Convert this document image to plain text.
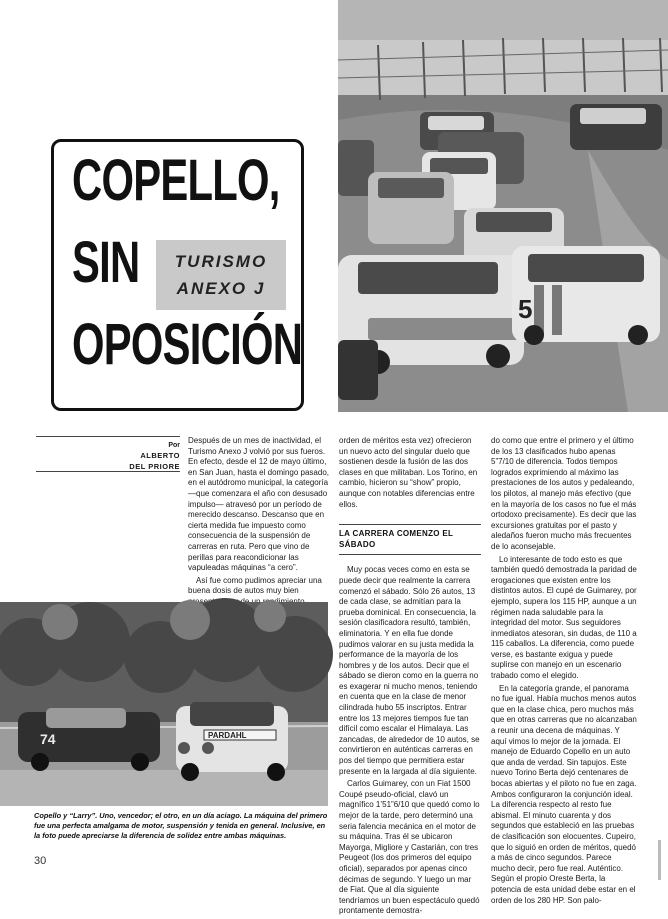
5
COPELLO,
SIN	TURISMO
ANEXO J
OPOSICIÓN
Por
ALBERTO
DEL PRIORE

Después de un mes de inactividad, el Turismo Anexo J volvió por sus fueros. En efecto, desde el 12 de mayo último, en San Juan, hasta el domingo pasado, en el autódromo municipal, la categoría —que comenzara el año con desusado impulso— atravesó por un período de merecido descanso. Descanso que en cierta medida fue impuesto como consecuencia de la suspensión de carreras en ruta. Pero que vino de perillas para reacondicionar las vapuleadas máquinas “a cero”.

Así fue como pudimos apreciar una buena dosis de autos muy bien

orden de méritos esta vez) ofrecieron un nuevo acto del singular duelo que sostienen desde la fusión de las dos clases en que militaban. Los Torino, en cambio, hicieron su “show” propio, aunque con notables diferencias entre ellos.

LA CARRERA COMENZO EL SÁBADO

Muy pocas veces como en esta se puede decir que realmente la carrera comenzó el sábado. Sólo 26 autos, 13 de cada clase, se admitían para la prueba dominical. En consecuencia, la sesión clasificadora resultó, también, eliminatoria. Y en ella fue donde pudimos valorar en su justa medida la performance de la mayoría de los hombres y de los autos. Decir que el sábado se dieron como en la guerra no es exagerar ni mucho menos, teniendo en cuenta que en la clase de menor cilindrada hubo 55 inscriptos. Entrar entre los 13 mejores tiempos fue tan difícil como escalar el Himalaya. Las zancadas, de alrededor de 10 autos, se convirtieron en auténticas carreras en pos del tiempo que permitiera estar presente en la largada al día siguiente.

Carlos Guimarey, con un Fiat 1500 Coupé pseudo-oficial, clavó un magnífico 1’51”6/10 que quedó como lo mejor de la tarde, pero determinó una seria falencia mecánica en el motor de su máquina. Tras él se ubicaron Mayorga, Migliore y Castarián, con tres Peugeot (los dos primeros del equipo oficial), separados por apenas cinco décimas de segundo. Y luego un mar de Fiat. Que al día siguiente tendríamos un buen espectáculo quedó prontamente demostra-

do como que entre el primero y el último de los 13 clasificados hubo apenas 5”7/10 de diferencia. Todos tiempos logrados exprimiendo al máximo las prestaciones de los autos y pedaleando, los pilotos, al manejo más efectivo (que en la mayoría de los casos no fue el más ortodoxo precisamente). Es decir que las excursiones gratuitas por el pasto y aledaños fueron mucho más frecuentes de lo aconsejable.

Lo interesante de todo esto es que también quedó demostrada la paridad de erogaciones que existen entre los distintos autos. El cupé de Guimarey, por ejemplo, supera los 115 HP, aunque a un régimen nada saludable para la integridad del motor. Sus seguidores inmediatos atesoran, sin dudas, de 110 a 115 caballos. La diferencia, como puede verse, es bastante exigua y puede suplirse con manejo en un escenario trabado como el elegido.

En la categoría grande, el panorama no fue igual. Había muchos menos autos que en la clase chica, pero muchos más que en otras carreras que no alcanzaban a reunir una decena de máquinas. Y aquí vimos lo mejor de la jornada. El manejo de Eduardo Copello en un auto que anda de verdad. Sin tapujos. Este nuevo Torino Berta dejó centenares de bocas abiertas y el piloto no fue en zaga. Ambos configuraron la conjunción ideal. La diferencia respecto al resto fue abismal. El minuto cuarenta y dos segundos que estableció en las pruebas de clasificación son elocuentes. Cupeiro, que lo siguió en orden de méritos, quedó a más de cinco segundos. Parece mucho decir, pero fue real. Auténtico. Según el propio Oreste Berta, la potencia de esta unidad debe estar en el orden de los 280 HP. Son palo-

74	PARDAHL
Copello y “Larry”. Uno, vencedor; el otro, en un día aciago. La máquina del primero fue una perfecta amalgama de motor, suspensión y tenida en general. Inclusive, en la foto puede apreciarse la diferencia de solidez entre ambas máquinas.
30
